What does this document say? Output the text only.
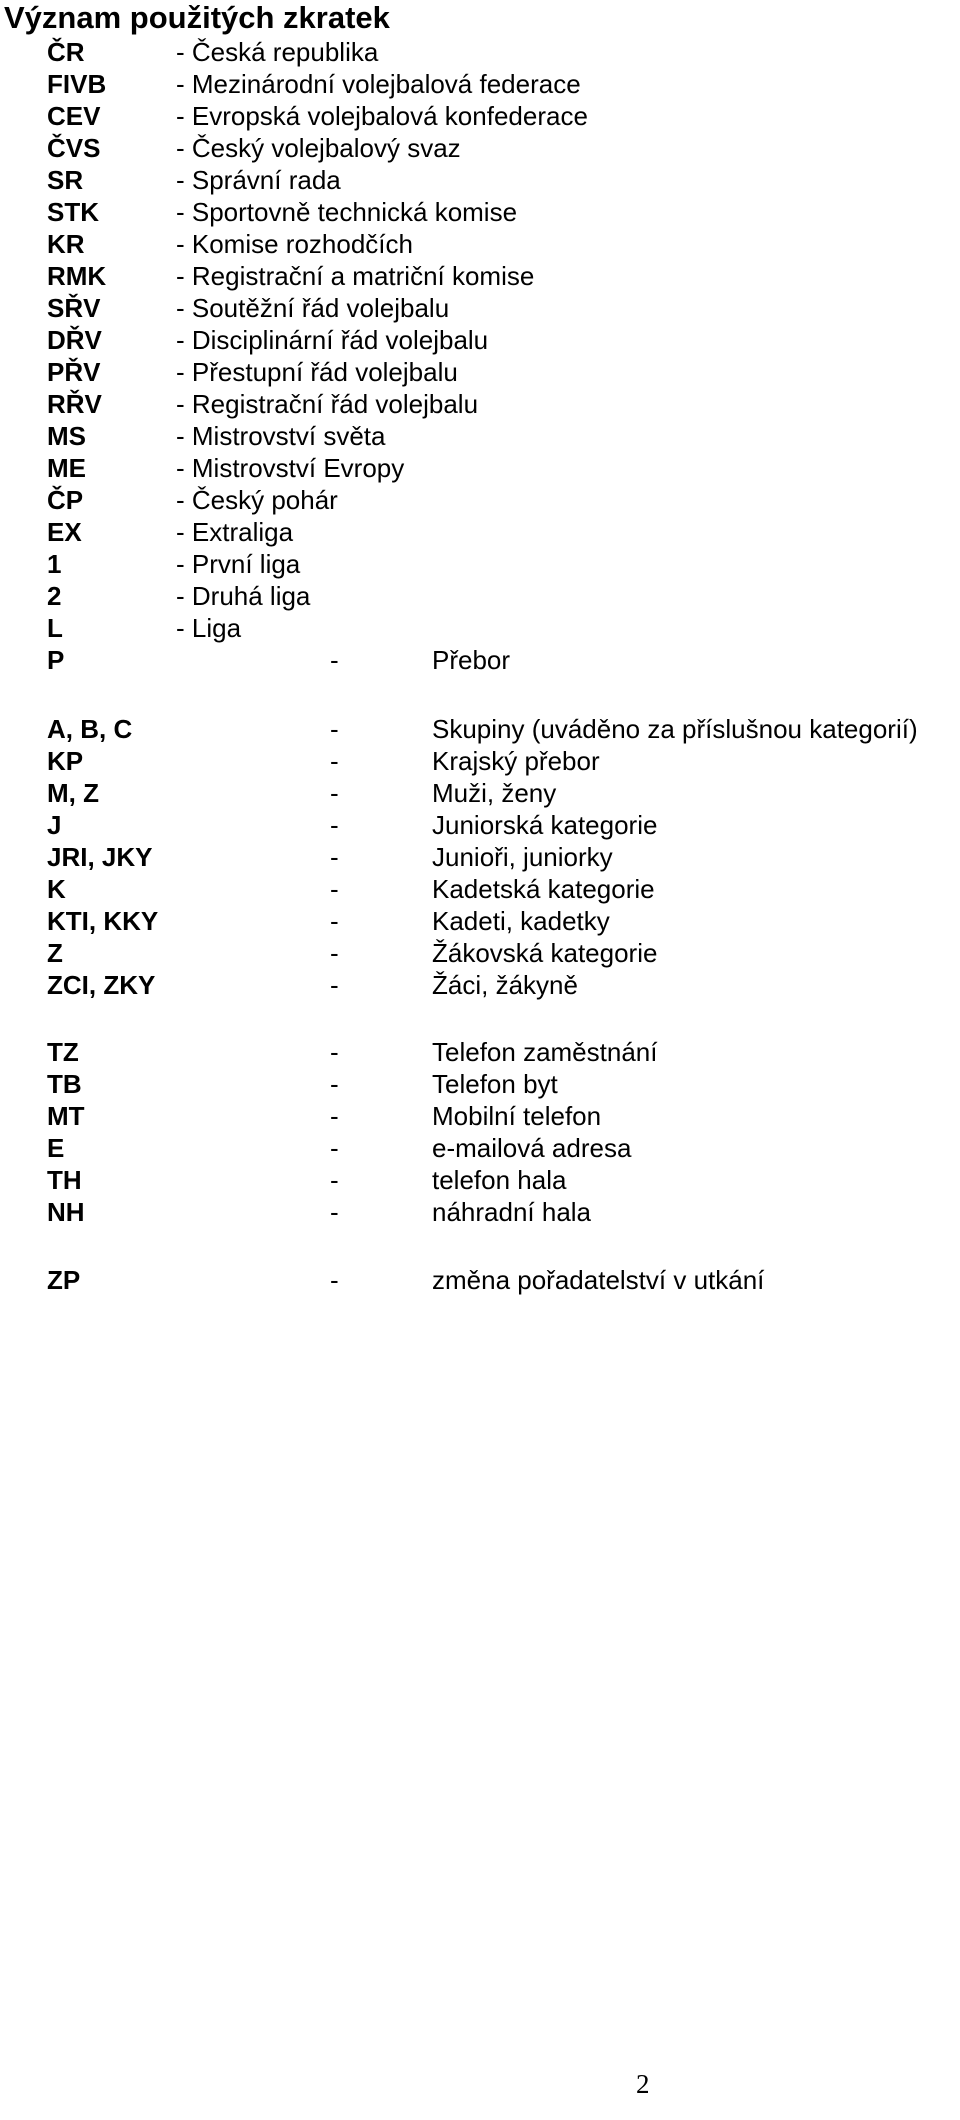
Význam použitých zkratek
ČR	- Česká republika
FIVB	- Mezinárodní volejbalová federace
CEV	- Evropská volejbalová konfederace
ČVS	- Český volejbalový svaz
SR	- Správní rada
STK	- Sportovně technická komise
KR	- Komise rozhodčích
RMK	- Registrační a matriční komise
SŘV	- Soutěžní řád volejbalu
DŘV	- Disciplinární řád volejbalu
PŘV	- Přestupní řád volejbalu
RŘV	- Registrační řád volejbalu
MS	- Mistrovství světa
ME	- Mistrovství Evropy
ČP	- Český pohár
EX	- Extraliga
1	- První liga
2	- Druhá liga
L	- Liga
P	-	Přebor
A, B, C	-	Skupiny (uváděno za příslušnou kategorií)
KP	-	Krajský přebor
M, Z	-	Muži, ženy
J	-	Juniorská kategorie
JRI, JKY	-	Junioři, juniorky
K	-	Kadetská kategorie
KTI, KKY	-	Kadeti, kadetky
Z	-	Žákovská kategorie
ZCI, ZKY	-	Žáci, žákyně
TZ	-	Telefon zaměstnání
TB	-	Telefon byt
MT	-	Mobilní telefon
E	-	e-mailová adresa
TH	-	telefon hala
NH	-	náhradní hala
ZP	-	změna pořadatelství v utkání
2
